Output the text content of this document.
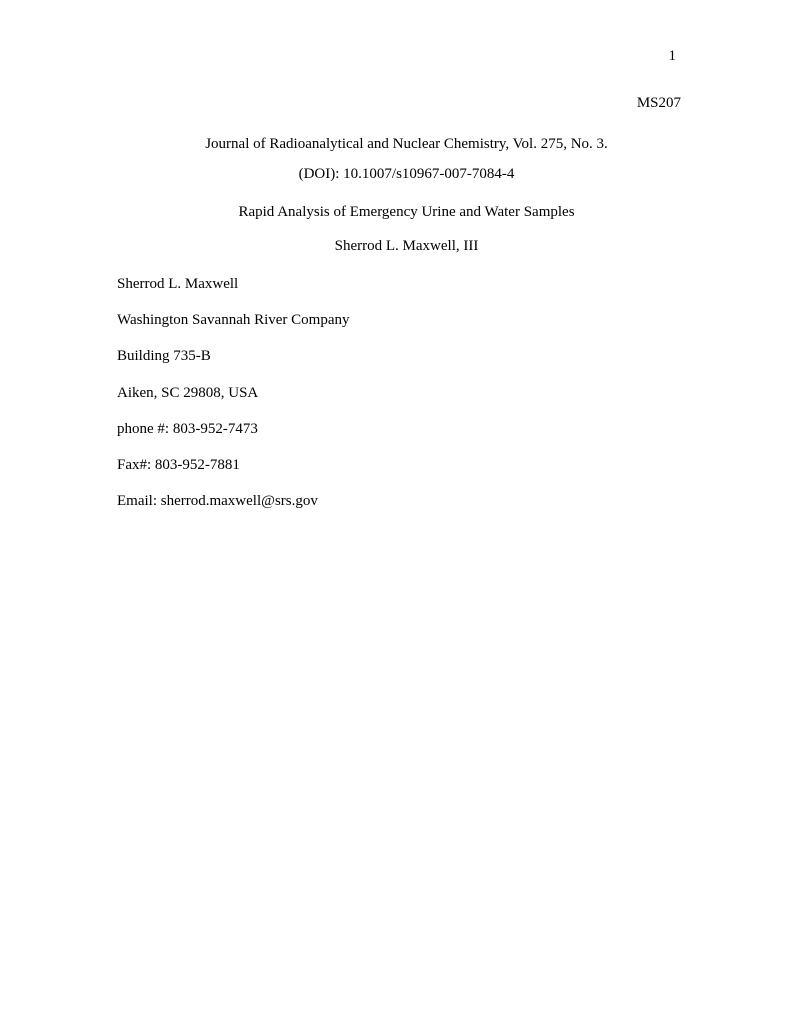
1
MS207
Journal of Radioanalytical and Nuclear Chemistry, Vol. 275, No. 3.
(DOI): 10.1007/s10967-007-7084-4
Rapid Analysis of Emergency Urine and Water Samples
Sherrod L. Maxwell, III
Sherrod L. Maxwell
Washington Savannah River Company
Building 735-B
Aiken, SC 29808, USA
phone #: 803-952-7473
Fax#: 803-952-7881
Email: sherrod.maxwell@srs.gov
